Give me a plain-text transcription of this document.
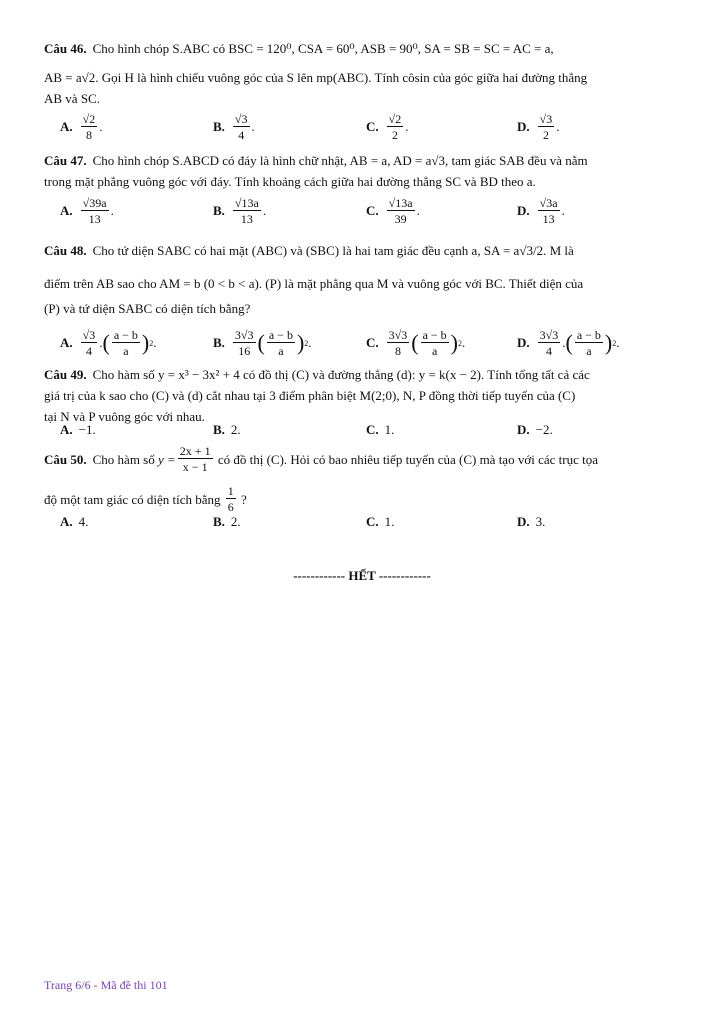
Câu 46. Cho hình chóp S.ABC có BSC = 120⁰, CSA = 60⁰, ASB = 90⁰, SA = SB = SC = AC = a,
AB = a√2. Gọi H là hình chiếu vuông góc của S lên mp(ABC). Tính côsin của góc giữa hai đường thẳng
AB và SC.
A. $\frac{√2}{8}$ .	B. $\frac{√3}{4}$ .	C. $\frac{√2}{2}$ .	D. $\frac{√3}{2}$ .
Câu 47. Cho hình chóp S.ABCD có đáy là hình chữ nhật, AB = a, AD = a√3, tam giác SAB đều và nằm
trong mặt phẳng vuông góc với đáy. Tính khoảng cách giữa hai đường thẳng SC và BD theo a.
A. $\frac{√39a}{13}$ .	B. $\frac{√13a}{13}$ .	C. $\frac{√13a}{39}$ .	D. $\frac{√3a}{13}$ .
Câu 48. Cho tứ diện SABC có hai mặt (ABC) và (SBC) là hai tam giác đều cạnh a, SA = a√3/2. M là
điểm trên AB sao cho AM = b (0 < b < a). (P) là mặt phẳng qua M và vuông góc với BC. Thiết diện của
(P) và tứ diện SABC có diện tích bằng?
A. $\frac{√3}{4}$ . ( $\frac{a - b}{a}$ ) 2 .	B. $\frac{3√3}{16}$ ( $\frac{a - b}{a}$ ) 2 .	C. $\frac{3√3}{8}$ ( $\frac{a - b}{a}$ ) 2 .	D. $\frac{3√3}{4}$ . ( $\frac{a - b}{a}$ ) 2 .
Câu 49. Cho hàm số y = x³ − 3x² + 4 có đồ thị (C) và đường thẳng (d): y = k(x − 2). Tính tổng tất cả các
giá trị của k sao cho (C) và (d) cắt nhau tại 3 điểm phân biệt M(2;0), N, P đồng thời tiếp tuyến của (C)
tại N và P vuông góc với nhau.
A. −1.	B. 2.	C. 1.	D. −2.
Câu 50. Cho hàm số
$y = \frac{2x + 1}{x - 1}$
có đồ thị (C). Hỏi có bao nhiêu tiếp tuyến của (C) mà tạo với các trục tọa
độ một tam giác có diện tích bằng
$\frac{1}{6}$
?
A. 4.	B. 2.	C. 1.	D. 3.
------------ HẾT ------------
Trang 6/6 - Mã đề thi 101
